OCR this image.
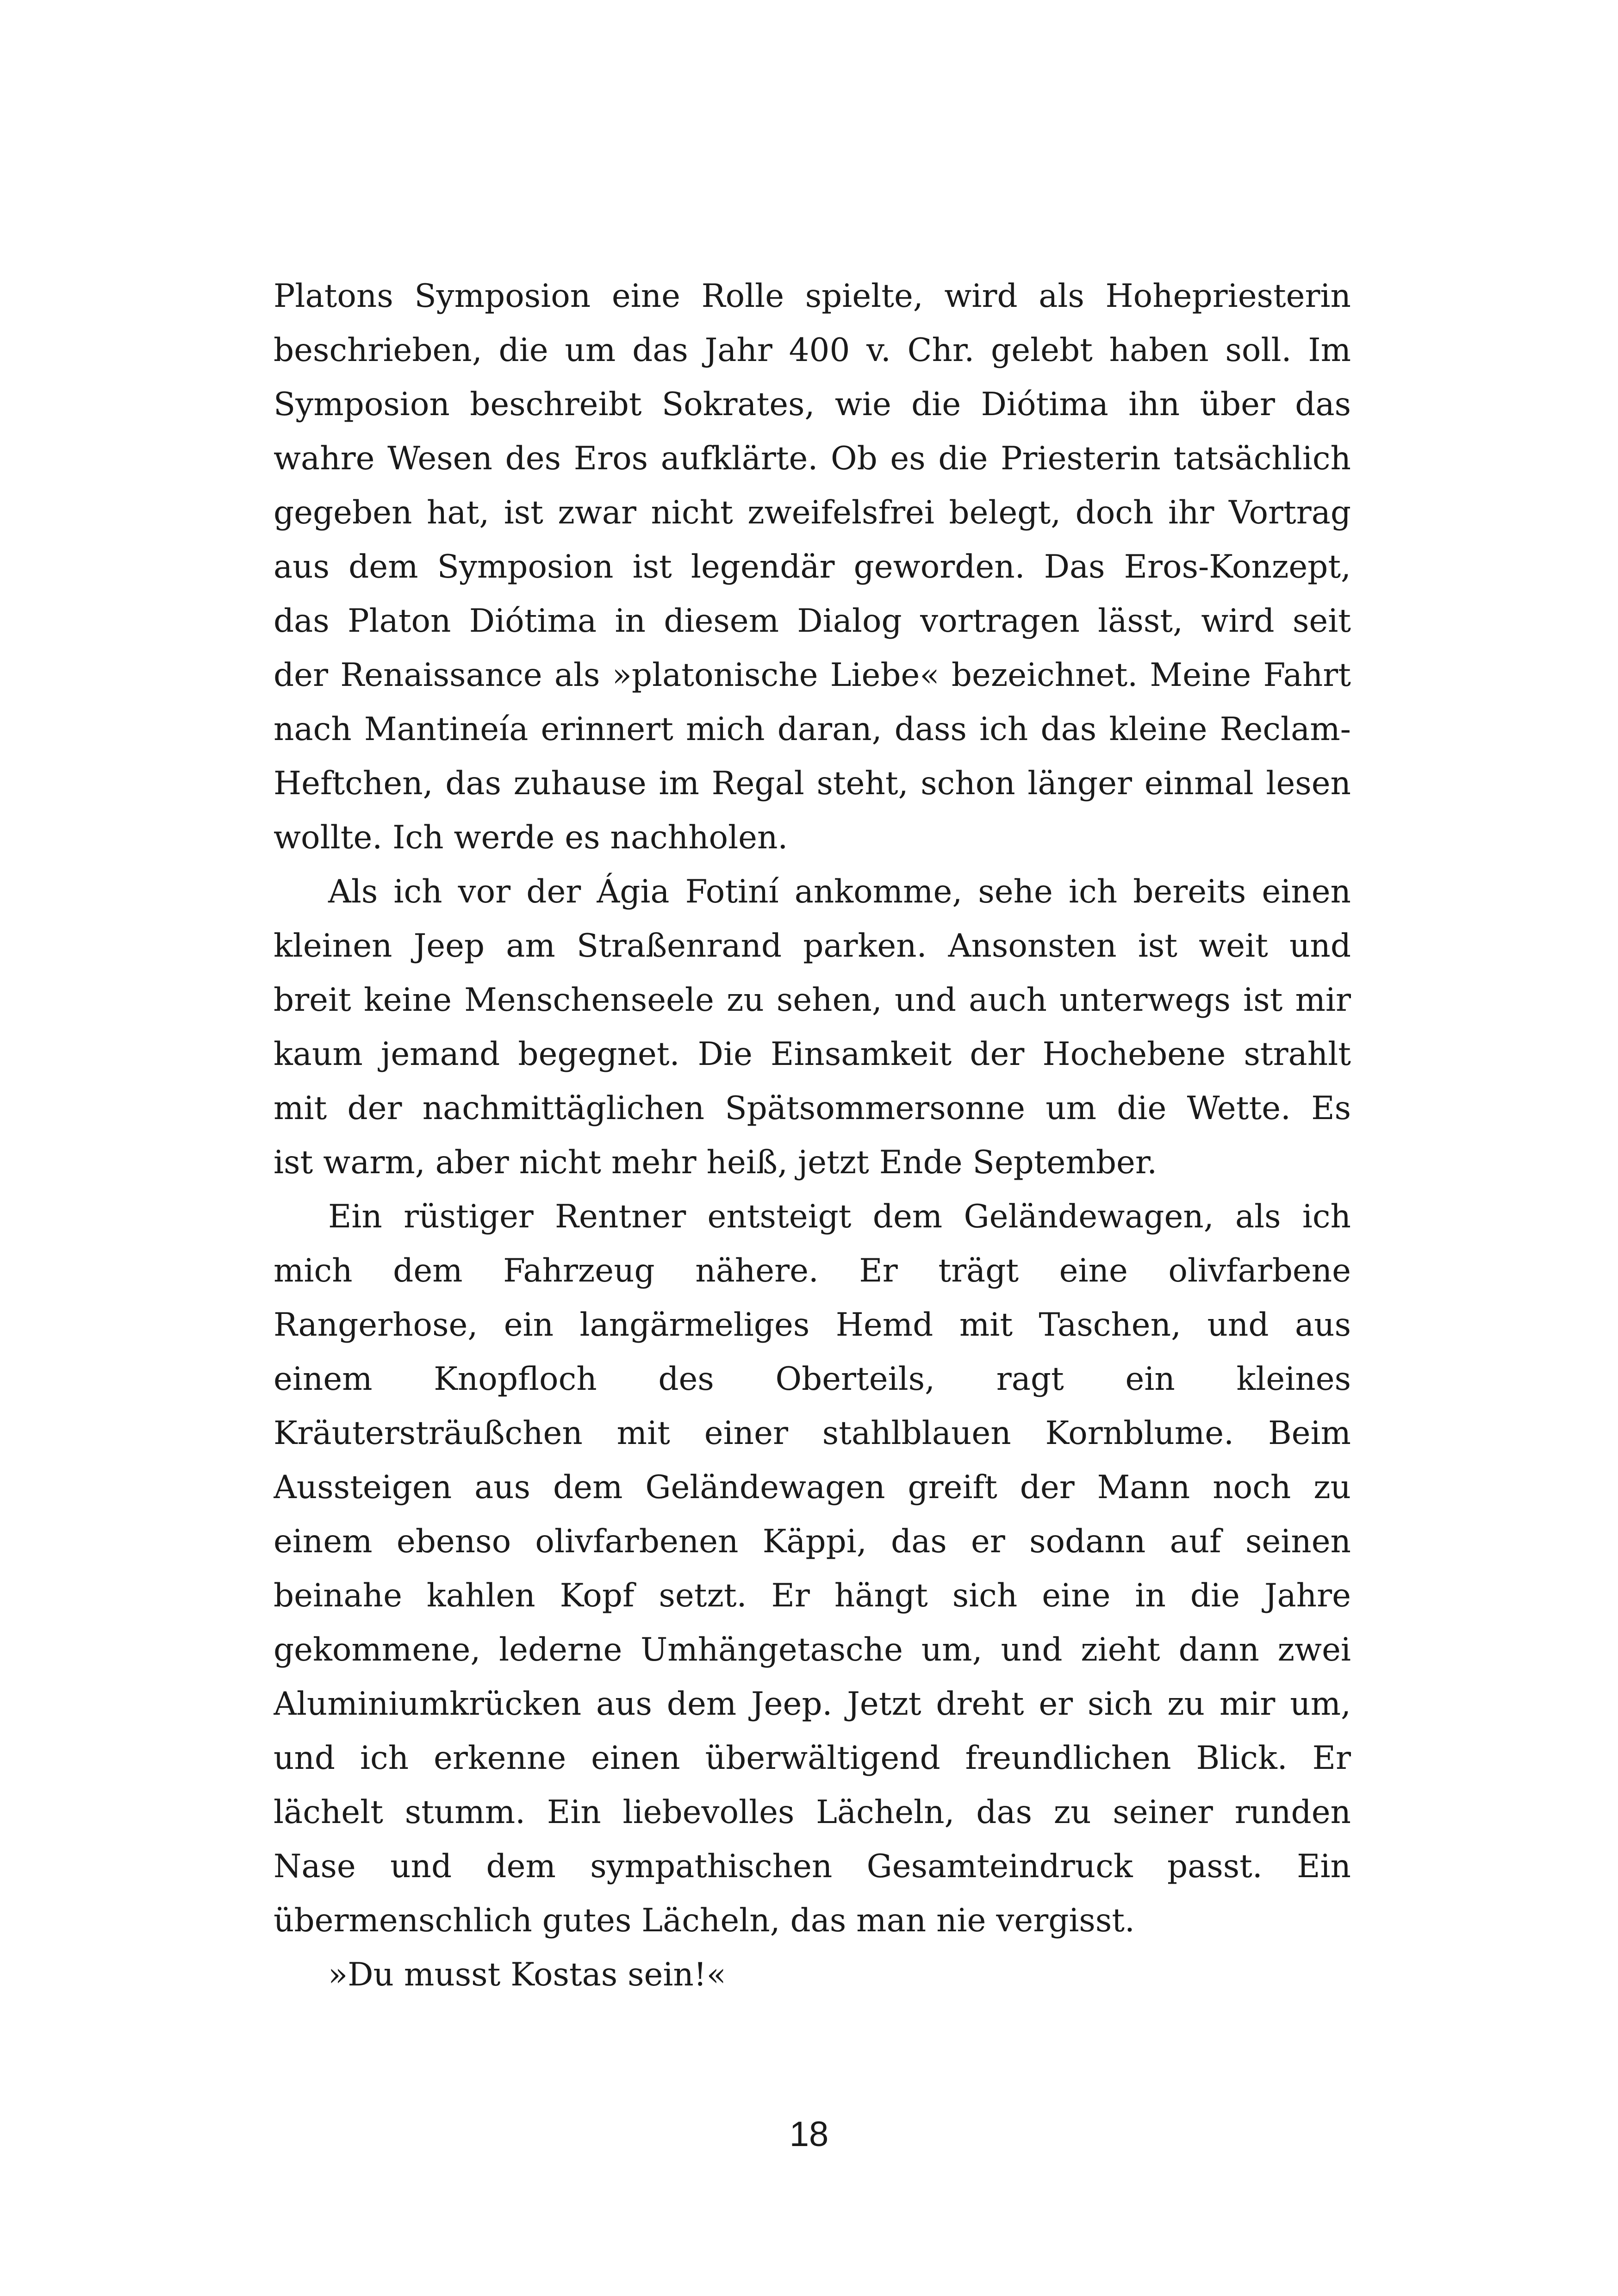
Platons Symposion eine Rolle spielte, wird als Hohepriesterin
beschrieben, die um das Jahr 400 v. Chr. gelebt haben soll. Im
Symposion beschreibt Sokrates, wie die Diótima ihn über das
wahre Wesen des Eros aufklärte. Ob es die Priesterin tatsächlich
gegeben hat, ist zwar nicht zweifelsfrei belegt, doch ihr Vortrag
aus dem Symposion ist legendär geworden. Das Eros-Konzept,
das Platon Diótima in diesem Dialog vortragen lässt, wird seit
der Renaissance als »platonische Liebe« bezeichnet. Meine Fahrt
nach Mantineía erinnert mich daran, dass ich das kleine Reclam-
Heftchen, das zuhause im Regal steht, schon länger einmal lesen
wollte. Ich werde es nachholen.
Als ich vor der Ágia Fotiní ankomme, sehe ich bereits einen
kleinen Jeep am Straßenrand parken. Ansonsten ist weit und
breit keine Menschenseele zu sehen, und auch unterwegs ist mir
kaum jemand begegnet. Die Einsamkeit der Hochebene strahlt
mit der nachmittäglichen Spätsommersonne um die Wette. Es
ist warm, aber nicht mehr heiß, jetzt Ende September.
Ein rüstiger Rentner entsteigt dem Geländewagen, als ich
mich dem Fahrzeug nähere. Er trägt eine olivfarbene
Rangerhose, ein langärmeliges Hemd mit Taschen, und aus
einem Knopfloch des Oberteils, ragt ein kleines
Kräutersträußchen mit einer stahlblauen Kornblume. Beim
Aussteigen aus dem Geländewagen greift der Mann noch zu
einem ebenso olivfarbenen Käppi, das er sodann auf seinen
beinahe kahlen Kopf setzt. Er hängt sich eine in die Jahre
gekommene, lederne Umhängetasche um, und zieht dann zwei
Aluminiumkrücken aus dem Jeep. Jetzt dreht er sich zu mir um,
und ich erkenne einen überwältigend freundlichen Blick. Er
lächelt stumm. Ein liebevolles Lächeln, das zu seiner runden
Nase und dem sympathischen Gesamteindruck passt. Ein
übermenschlich gutes Lächeln, das man nie vergisst.
»Du musst Kostas sein!«
18
